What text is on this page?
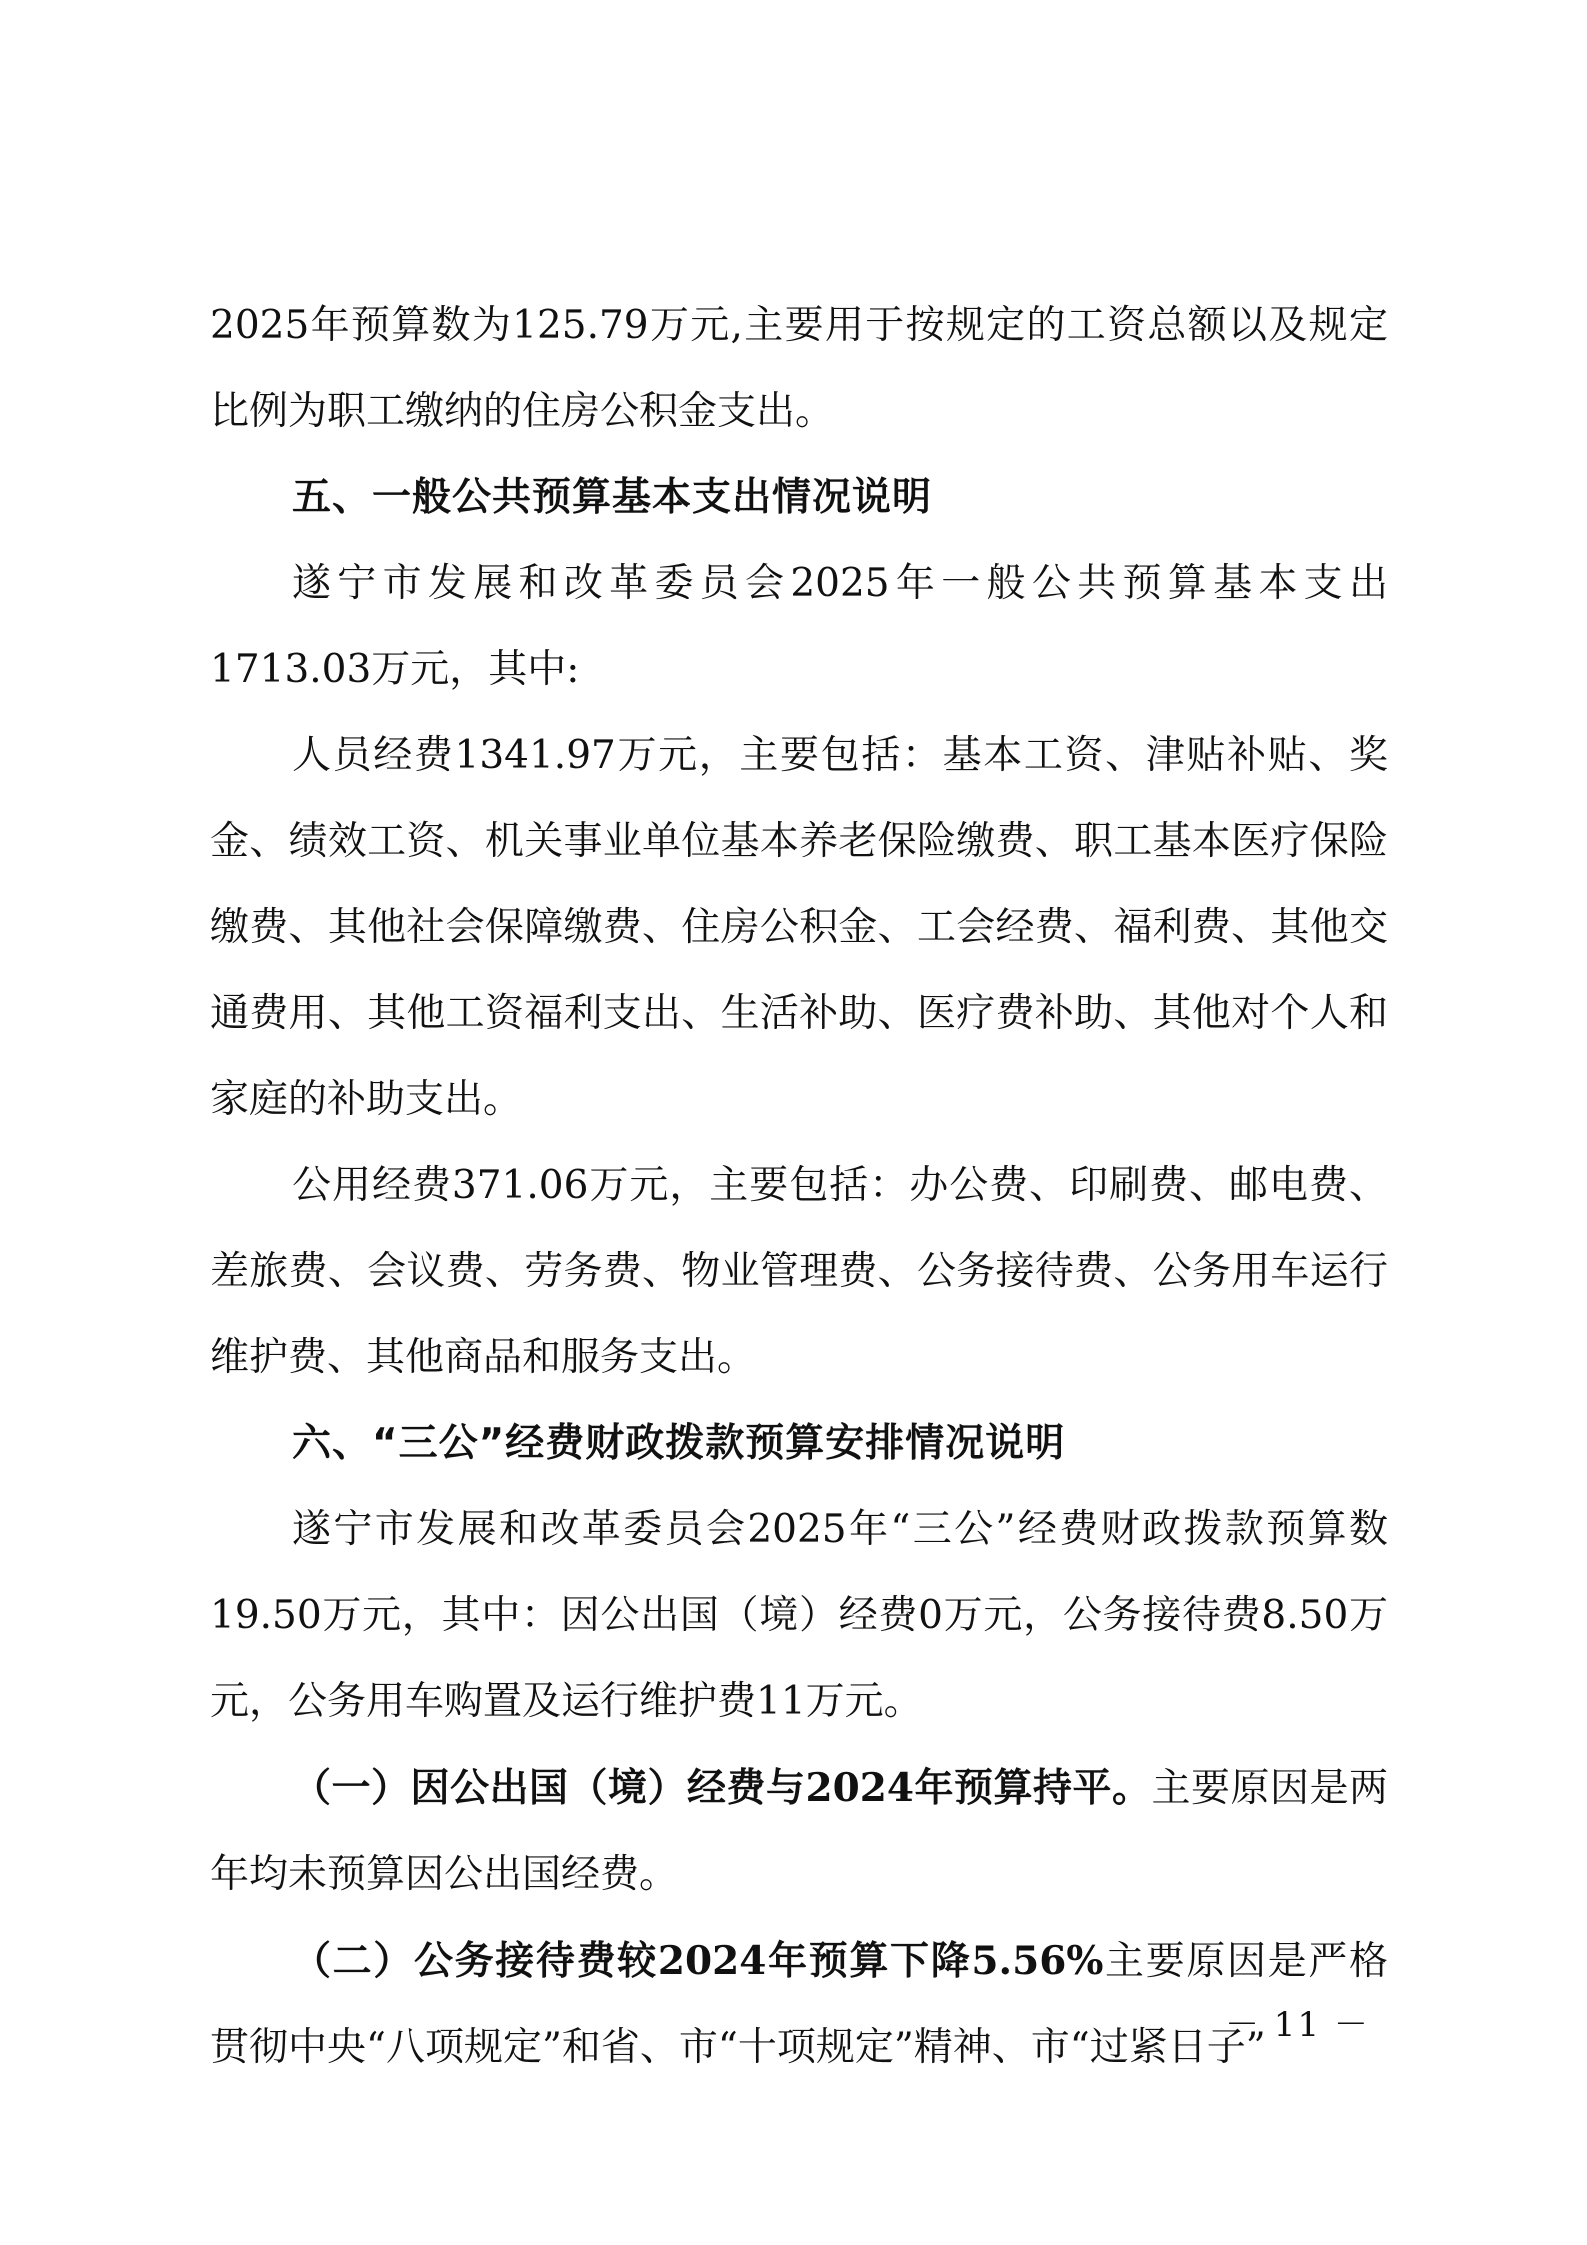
2025年预算数为125.79万元,主要用于按规定的工资总额以及规定比例为职工缴纳的住房公积金支出。

五、一般公共预算基本支出情况说明

遂宁市发展和改革委员会2025年一般公共预算基本支出1713.03万元，其中:

人员经费1341.97万元，主要包括：基本工资、津贴补贴、奖金、绩效工资、机关事业单位基本养老保险缴费、职工基本医疗保险缴费、其他社会保障缴费、住房公积金、工会经费、福利费、其他交通费用、其他工资福利支出、生活补助、医疗费补助、其他对个人和家庭的补助支出。

公用经费371.06万元，主要包括：办公费、印刷费、邮电费、差旅费、会议费、劳务费、物业管理费、公务接待费、公务用车运行维护费、其他商品和服务支出。

六、“三公”经费财政拨款预算安排情况说明

遂宁市发展和改革委员会2025年“三公”经费财政拨款预算数19.50万元，其中：因公出国（境）经费0万元，公务接待费8.50万元，公务用车购置及运行维护费11万元。

（一）因公出国（境）经费与2024年预算持平。主要原因是两年均未预算因公出国经费。

（二）公务接待费较2024年预算下降5.56%主要原因是严格贯彻中央“八项规定”和省、市“十项规定”精神、市“过紧日子”

－ 11 －
